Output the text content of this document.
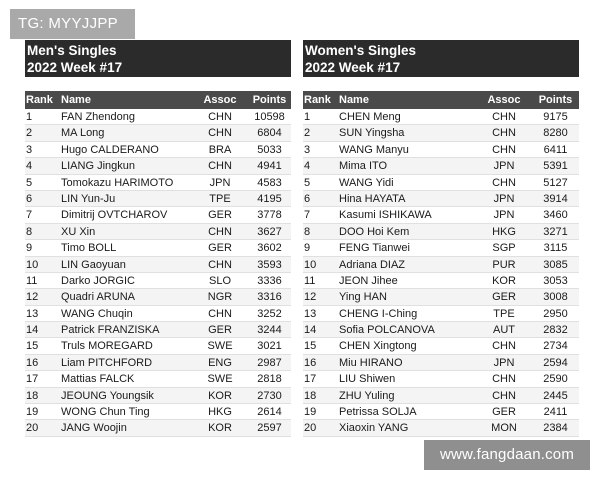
TG: MYYJJPP
Men's Singles
2022 Week #17
Rank Name	Assoc	Points
1	FAN Zhendong	CHN	10598
2	MA Long	CHN	6804
3	Hugo CALDERANO	BRA	5033
4	LIANG Jingkun	CHN	4941
5	Tomokazu HARIMOTO	JPN	4583
6	LIN Yun-Ju	TPE	4195
7	Dimitrij OVTCHAROV	GER	3778
8	XU Xin	CHN	3627
9	Timo BOLL	GER	3602
10	LIN Gaoyuan	CHN	3593
11	Darko JORGIC	SLO	3336
12	Quadri ARUNA	NGR	3316
13	WANG Chuqin	CHN	3252
14	Patrick FRANZISKA	GER	3244
15	Truls MOREGARD	SWE	3021
16	Liam PITCHFORD	ENG	2987
17	Mattias FALCK	SWE	2818
18	JEOUNG Youngsik	KOR	2730
19	WONG Chun Ting	HKG	2614
20	JANG Woojin	KOR	2597
Women's Singles
2022 Week #17
Rank Name	Assoc	Points
1	CHEN Meng	CHN	9175
2	SUN Yingsha	CHN	8280
3	WANG Manyu	CHN	6411
4	Mima ITO	JPN	5391
5	WANG Yidi	CHN	5127
6	Hina HAYATA	JPN	3914
7	Kasumi ISHIKAWA	JPN	3460
8	DOO Hoi Kem	HKG	3271
9	FENG Tianwei	SGP	3115
10	Adriana DIAZ	PUR	3085
11	JEON Jihee	KOR	3053
12	Ying HAN	GER	3008
13	CHENG I-Ching	TPE	2950
14	Sofia POLCANOVA	AUT	2832
15	CHEN Xingtong	CHN	2734
16	Miu HIRANO	JPN	2594
17	LIU Shiwen	CHN	2590
18	ZHU Yuling	CHN	2445
19	Petrissa SOLJA	GER	2411
20	Xiaoxin YANG	MON	2384
www.fangdaan.com
